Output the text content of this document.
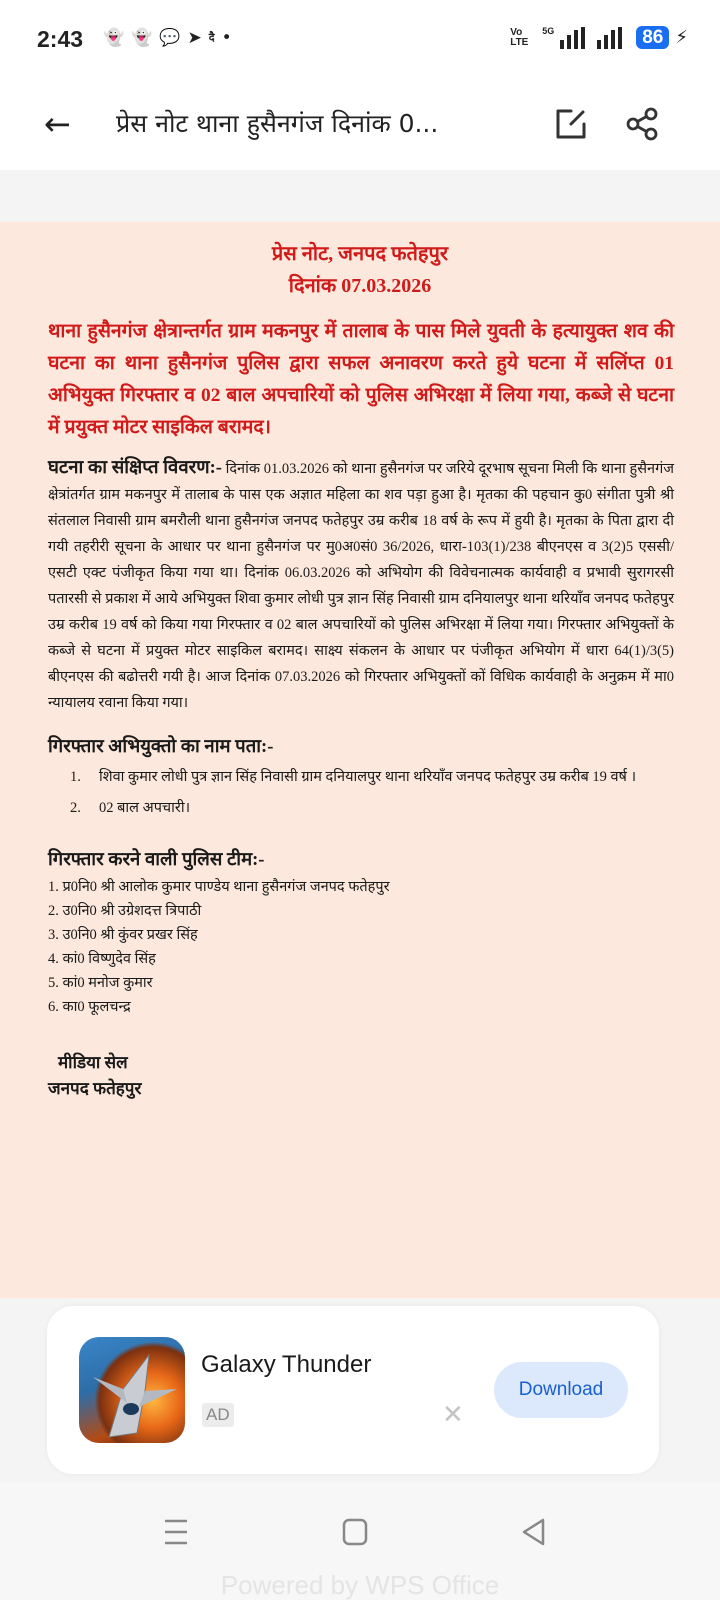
2:43 👻 👻 💬 ➤ दै •	Vo LTE
5G	86 ⚡
←	प्रेस नोट थाना हुसैनगंज दिनांक 0...
प्रेस नोट, जनपद फतेहपुर
दिनांक 07.03.2026
थाना हुसैनगंज क्षेत्रान्तर्गत ग्राम मकनपुर में तालाब के पास मिले युवती के हत्यायुक्त शव की घटना का थाना हुसैनगंज पुलिस द्वारा सफल अनावरण करते हुये घटना में सलिंप्त 01 अभियुक्त गिरफ्तार व 02 बाल अपचारियों को पुलिस अभिरक्षा में लिया गया, कब्जे से घटना में प्रयुक्त मोटर साइकिल बरामद।
घटना का संक्षिप्त विवरण:- दिनांक 01.03.2026 को थाना हुसैनगंज पर जरिये दूरभाष सूचना मिली कि थाना हुसैनगंज क्षेत्रांतर्गत ग्राम मकनपुर में तालाब के पास एक अज्ञात महिला का शव पड़ा हुआ है। मृतका की पहचान कु0 संगीता पुत्री श्री संतलाल निवासी ग्राम बमरौली थाना हुसैनगंज जनपद फतेहपुर उम्र करीब 18 वर्ष के रूप में हुयी है। मृतका के पिता द्वारा दी गयी तहरीरी सूचना के आधार पर थाना हुसैनगंज पर मु0अ0सं0 36/2026, धारा-103(1)/238 बीएनएस व 3(2)5 एससी/एसटी एक्ट पंजीकृत किया गया था। दिनांक 06.03.2026 को अभियोग की विवेचनात्मक कार्यवाही व प्रभावी सुरागरसी पतारसी से प्रकाश में आये अभियुक्त शिवा कुमार लोधी पुत्र ज्ञान सिंह निवासी ग्राम दनियालपुर थाना थरियाँव जनपद फतेहपुर उम्र करीब 19 वर्ष को किया गया गिरफ्तार व 02 बाल अपचारियों को पुलिस अभिरक्षा में लिया गया। गिरफ्तार अभियुक्तों के कब्जे से घटना में प्रयुक्त मोटर साइकिल बरामद। साक्ष्य संकलन के आधार पर पंजीकृत अभियोग में धारा 64(1)/3(5) बीएनएस की बढोत्तरी गयी है। आज दिनांक 07.03.2026 को गिरफ्तार अभियुक्तों कों विधिक कार्यवाही के अनुक्रम में मा0 न्यायालय रवाना किया गया।
गिरफ्तार अभियुक्तो का नाम पता:-
1.	शिवा कुमार लोधी पुत्र ज्ञान सिंह निवासी ग्राम दनियालपुर थाना थरियाँव जनपद फतेहपुर उम्र करीब 19 वर्ष ।
2.	02 बाल अपचारी।
गिरफ्तार करने वाली पुलिस टीम:-
1. प्र0नि0 श्री आलोक कुमार पाण्डेय थाना हुसैनगंज जनपद फतेहपुर
2. उ0नि0 श्री उग्रेशदत्त त्रिपाठी
3. उ0नि0 श्री कुंवर प्रखर सिंह
4. कां0 विष्णुदेव सिंह
5. कां0 मनोज कुमार
6. का0 फूलचन्द्र
मीडिया सेल
जनपद फतेहपुर
Galaxy Thunder
AD	✕
Download
Powered by WPS Office
